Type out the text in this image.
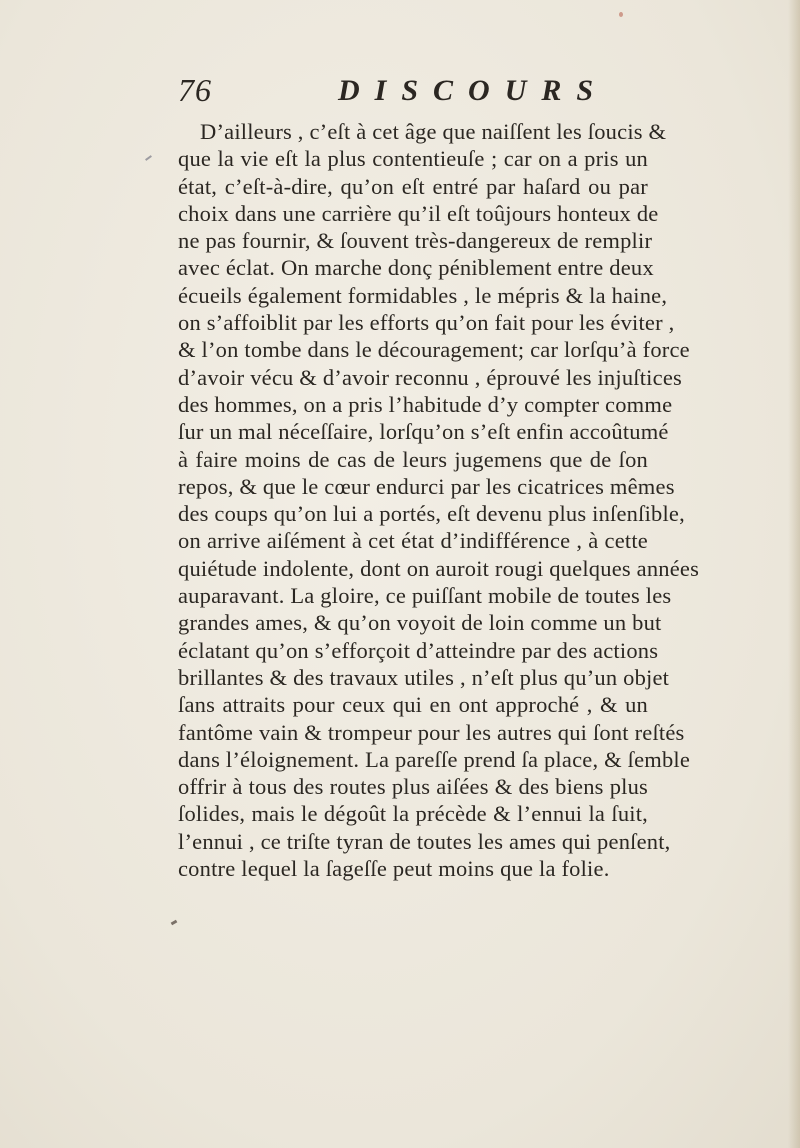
76	DISCOURS
D’ailleurs , c’eſt à cet âge que naiſſent les ſoucis &
que la vie eſt la plus contentieuſe ; car on a pris un
état, c’eſt-à-dire, qu’on eſt entré par haſard ou par
choix dans une carrière qu’il eſt toûjours honteux de
ne pas fournir, & ſouvent très-dangereux de remplir
avec éclat. On marche donç péniblement entre deux
écueils également formidables , le mépris & la haine,
on s’affoiblit par les efforts qu’on fait pour les éviter ,
& l’on tombe dans le découragement; car lorſqu’à force
d’avoir vécu & d’avoir reconnu , éprouvé les injuſtices
des hommes, on a pris l’habitude d’y compter comme
ſur un mal néceſſaire, lorſqu’on s’eſt enfin accoûtumé
à faire moins de cas de leurs jugemens que de ſon
repos, & que le cœur endurci par les cicatrices mêmes
des coups qu’on lui a portés, eſt devenu plus inſenſible,
on arrive aiſément à cet état d’indifférence , à cette
quiétude indolente, dont on auroit rougi quelques années
auparavant. La gloire, ce puiſſant mobile de toutes les
grandes ames, & qu’on voyoit de loin comme un but
éclatant qu’on s’efforçoit d’atteindre par des actions
brillantes & des travaux utiles , n’eſt plus qu’un objet
ſans attraits pour ceux qui en ont approché , & un
fantôme vain & trompeur pour les autres qui ſont reſtés
dans l’éloignement. La pareſſe prend ſa place, & ſemble
offrir à tous des routes plus aiſées & des biens plus
ſolides, mais le dégoût la précède & l’ennui la ſuit,
l’ennui , ce triſte tyran de toutes les ames qui penſent,
contre lequel la ſageſſe peut moins que la folie.
